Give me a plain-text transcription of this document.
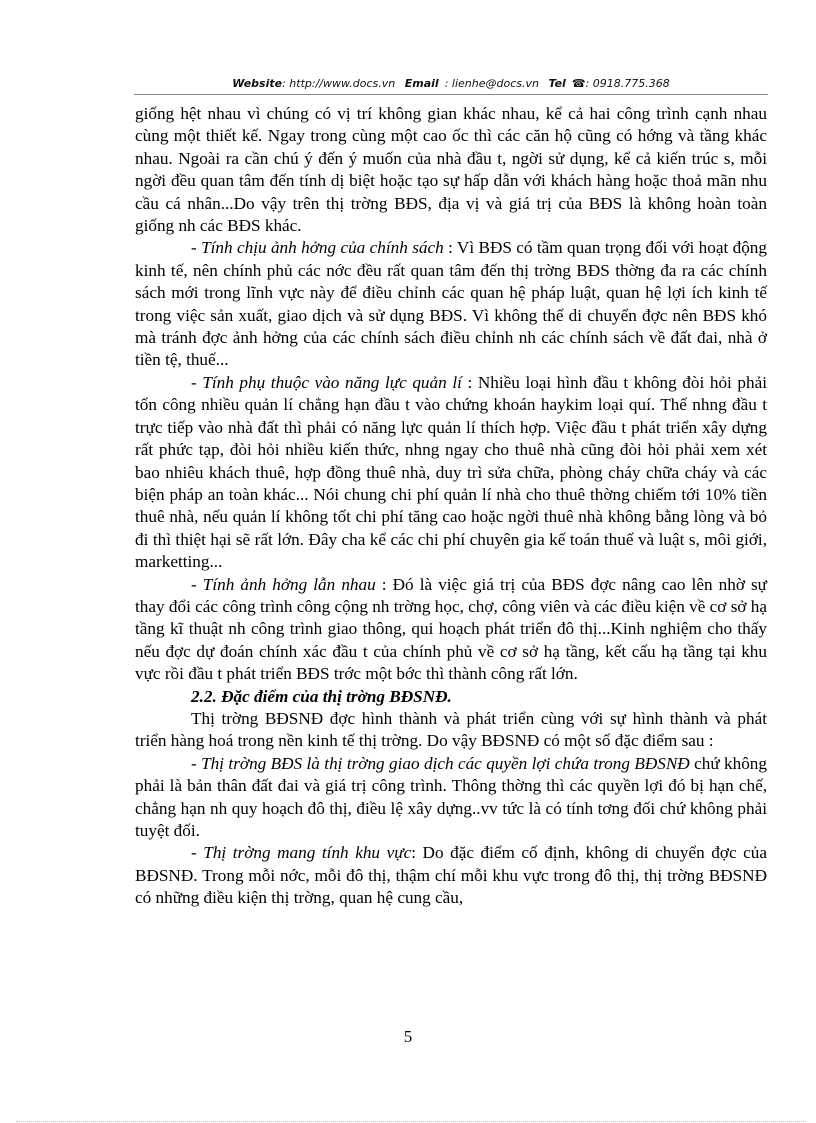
Website: http://www.docs.vn Email : lienhe@docs.vn Tel ☎: 0918.775.368

giống hệt nhau vì chúng có vị trí không gian khác nhau, kể cả hai công trình cạnh nhau cùng một thiết kế. Ngay trong cùng một cao ốc thì các căn hộ cũng có hớng và tầng khác nhau. Ngoài ra cần chú ý đến ý muốn của nhà đầu t, ngời sử dụng, kể cả kiến trúc s, mỗi ngời đều quan tâm đến tính dị biệt hoặc tạo sự hấp dẫn với khách hàng hoặc thoả mãn nhu cầu cá nhân...Do vậy trên thị trờng BĐS, địa vị và giá trị của BĐS là không hoàn toàn giống nh các BĐS khác.

- Tính chịu ảnh hởng của chính sách : Vì BĐS có tầm quan trọng đối với hoạt động kinh tế, nên chính phủ các nớc đều rất quan tâm đến thị trờng BĐS thờng đa ra các chính sách mới trong lĩnh vực này để điều chỉnh các quan hệ pháp luật, quan hệ lợi ích kinh tế trong việc sản xuất, giao dịch và sử dụng BĐS. Vì không thể di chuyển đợc nên BĐS khó mà tránh đợc ảnh hởng của các chính sách điều chỉnh nh các chính sách về đất đai, nhà ở tiền tệ, thuế...

- Tính phụ thuộc vào năng lực quản lí : Nhiều loại hình đầu t không đòi hỏi phải tốn công nhiều quản lí chẳng hạn đầu t vào chứng khoán haykim loại quí. Thế nhng đầu t trực tiếp vào nhà đất thì phải có năng lực quản lí thích hợp. Việc đầu t phát triển xây dựng rất phức tạp, đòi hỏi nhiều kiến thức, nhng ngay cho thuê nhà cũng đòi hỏi phải xem xét bao nhiêu khách thuê, hợp đồng thuê nhà, duy trì sửa chữa, phòng cháy chữa cháy và các biện pháp an toàn khác... Nói chung chi phí quản lí nhà cho thuê thờng chiếm tới 10% tiền thuê nhà, nếu quản lí không tốt chi phí tăng cao hoặc ngời thuê nhà không bằng lòng và bỏ đi thì thiệt hại sẽ rất lớn. Đây cha kể các chi phí chuyên gia kế toán thuế và luật s, môi giới, marketting...

- Tính ảnh hởng lẫn nhau : Đó là việc giá trị của BĐS đợc nâng cao lên nhờ sự thay đổi các công trình công cộng nh trờng học, chợ, công viên và các điều kiện về cơ sở hạ tầng kĩ thuật nh công trình giao thông, qui hoạch phát triển đô thị...Kinh nghiệm cho thấy nếu đợc dự đoán chính xác đầu t của chính phủ về cơ sở hạ tầng, kết cấu hạ tầng tại khu vực rồi đầu t phát triển BĐS trớc một bớc thì thành công rất lớn.

2.2. Đặc điểm của thị trờng BĐSNĐ.

Thị trờng BĐSNĐ đợc hình thành và phát triển cùng với sự hình thành và phát triển hàng hoá trong nền kinh tế thị trờng. Do vậy BĐSNĐ có một số đặc điểm sau :

- Thị trờng BĐS là thị trờng giao dịch các quyền lợi chứa trong BĐSNĐ chứ không phải là bản thân đất đai và giá trị công trình. Thông thờng thì các quyền lợi đó bị hạn chế, chẳng hạn nh quy hoạch đô thị, điều lệ xây dựng..vv tức là có tính tơng đối chứ không phải tuyệt đối.

- Thị trờng mang tính khu vực: Do đặc điểm cố định, không di chuyển đợc của BĐSNĐ. Trong mỗi nớc, mỗi đô thị, thậm chí mỗi khu vực trong đô thị, thị trờng BĐSNĐ có những điều kiện thị trờng, quan hệ cung cầu,

5
